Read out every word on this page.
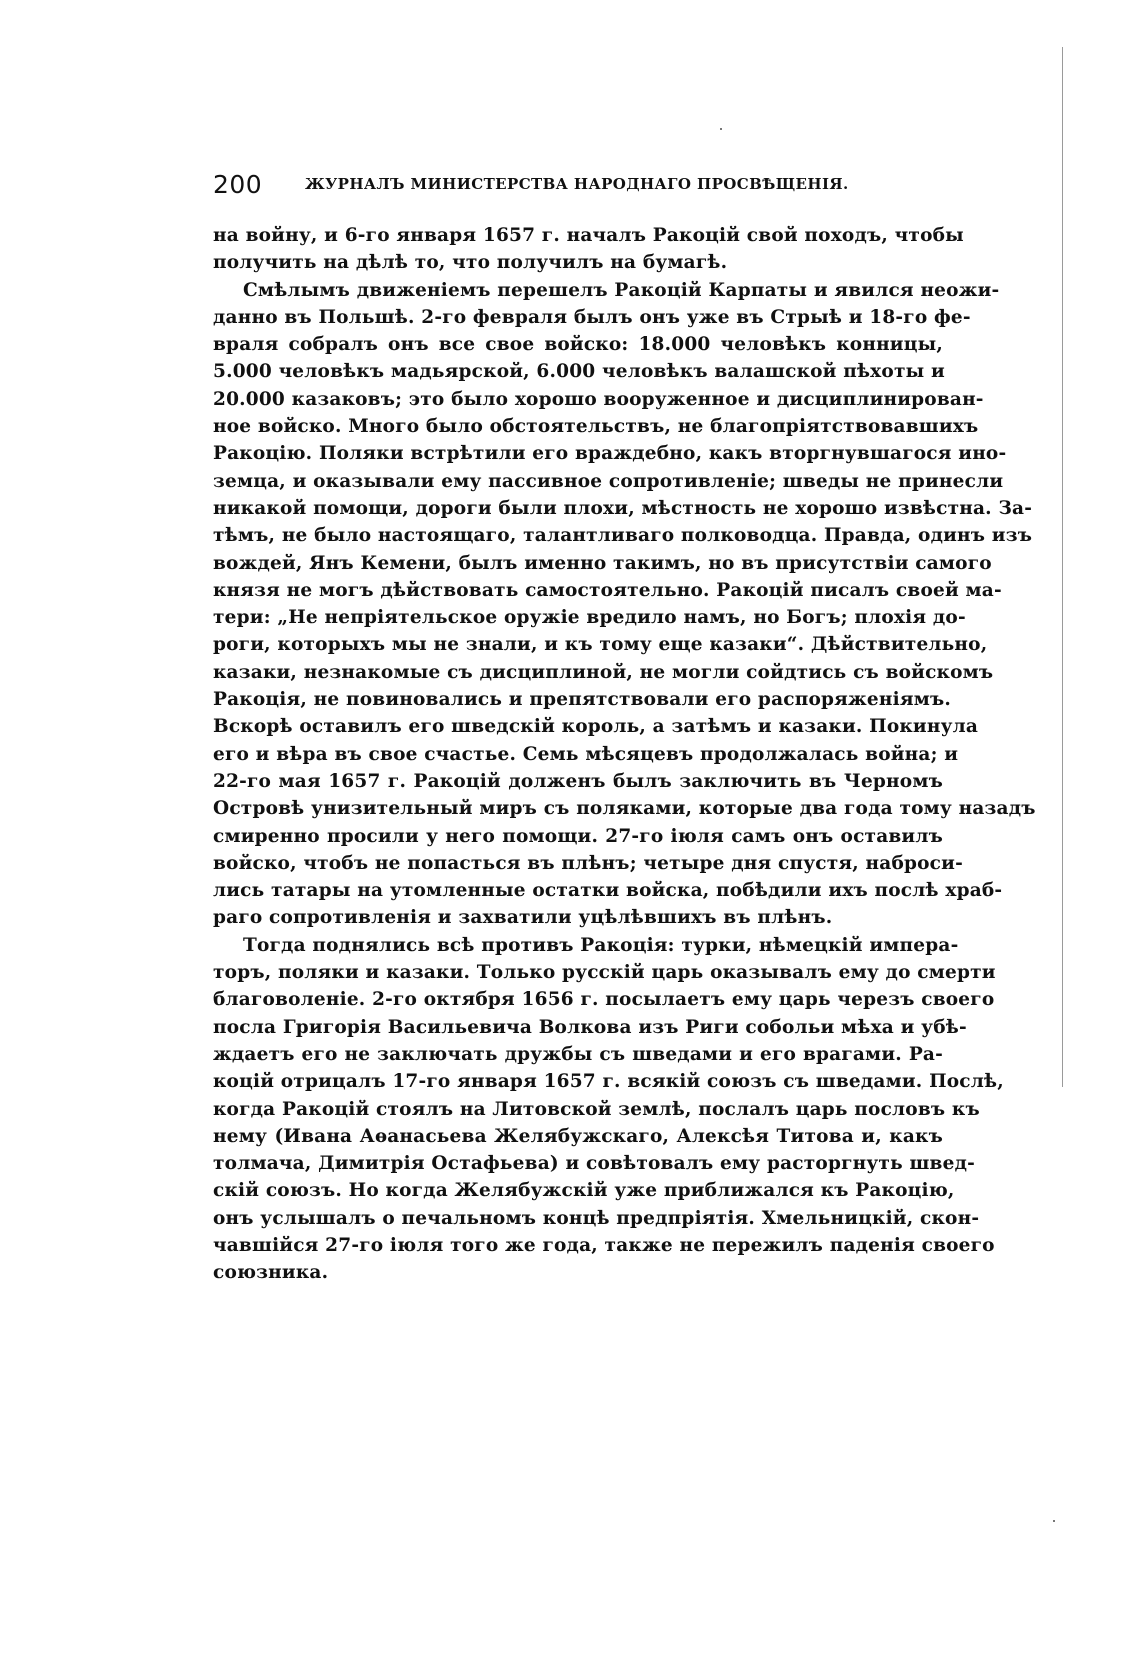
200	ЖУРНАЛЪ МИНИСТЕРСТВА НАРОДНАГО ПРОСВѢЩЕНІЯ.
на войну, и 6-го января 1657 г. началъ Ракоцій свой походъ, чтобы
получить на дѣлѣ то, что получилъ на бумагѣ.
Смѣлымъ движеніемъ перешелъ Ракоцій Карпаты и явился неожи-
данно въ Польшѣ. 2-го февраля былъ онъ уже въ Стрыѣ и 18-го фе-
враля собралъ онъ все свое войско: 18.000 человѣкъ конницы,
5.000 человѣкъ мадьярской, 6.000 человѣкъ валашской пѣхоты и
20.000 казаковъ; это было хорошо вооруженное и дисциплинирован-
ное войско. Много было обстоятельствъ, не благопріятствовавшихъ
Ракоцію. Поляки встрѣтили его враждебно, какъ вторгнувшагося ино-
земца, и оказывали ему пассивное сопротивленіе; шведы не принесли
никакой помощи, дороги были плохи, мѣстность не хорошо извѣстна. За-
тѣмъ, не было настоящаго, талантливаго полководца. Правда, одинъ изъ
вождей, Янъ Кемени, былъ именно такимъ, но въ присутствіи самого
князя не могъ дѣйствовать самостоятельно. Ракоцій писалъ своей ма-
тери: „Не непріятельское оружіе вредило намъ, но Богъ; плохія до-
роги, которыхъ мы не знали, и къ тому еще казаки“. Дѣйствительно,
казаки, незнакомые съ дисциплиной, не могли сойдтись съ войскомъ
Ракоція, не повиновались и препятствовали его распоряженіямъ.
Вскорѣ оставилъ его шведскій король, а затѣмъ и казаки. Покинула
его и вѣра въ свое счастье. Семь мѣсяцевъ продолжалась война; и
22-го мая 1657 г. Ракоцій долженъ былъ заключить въ Черномъ
Островѣ унизительный миръ съ поляками, которые два года тому назадъ
смиренно просили у него помощи. 27-го іюля самъ онъ оставилъ
войско, чтобъ не попасться въ плѣнъ; четыре дня спустя, наброси-
лись татары на утомленные остатки войска, побѣдили ихъ послѣ храб-
раго сопротивленія и захватили уцѣлѣвшихъ въ плѣнъ.
Тогда поднялись всѣ противъ Ракоція: турки, нѣмецкій импера-
торъ, поляки и казаки. Только русскій царь оказывалъ ему до смерти
благоволеніе. 2-го октября 1656 г. посылаетъ ему царь черезъ своего
посла Григорія Васильевича Волкова изъ Риги собольи мѣха и убѣ-
ждаетъ его не заключать дружбы съ шведами и его врагами. Ра-
коцій отрицалъ 17-го января 1657 г. всякій союзъ съ шведами. Послѣ,
когда Ракоцій стоялъ на Литовской землѣ, послалъ царь пословъ къ
нему (Ивана Аѳанасьева Желябужскаго, Алексѣя Титова и, какъ
толмача, Димитрія Остафьева) и совѣтовалъ ему расторгнуть швед-
скій союзъ. Но когда Желябужскій уже приближался къ Ракоцію,
онъ услышалъ о печальномъ концѣ предпріятія. Хмельницкій, скон-
чавшійся 27-го іюля того же года, также не пережилъ паденія своего
союзника.
